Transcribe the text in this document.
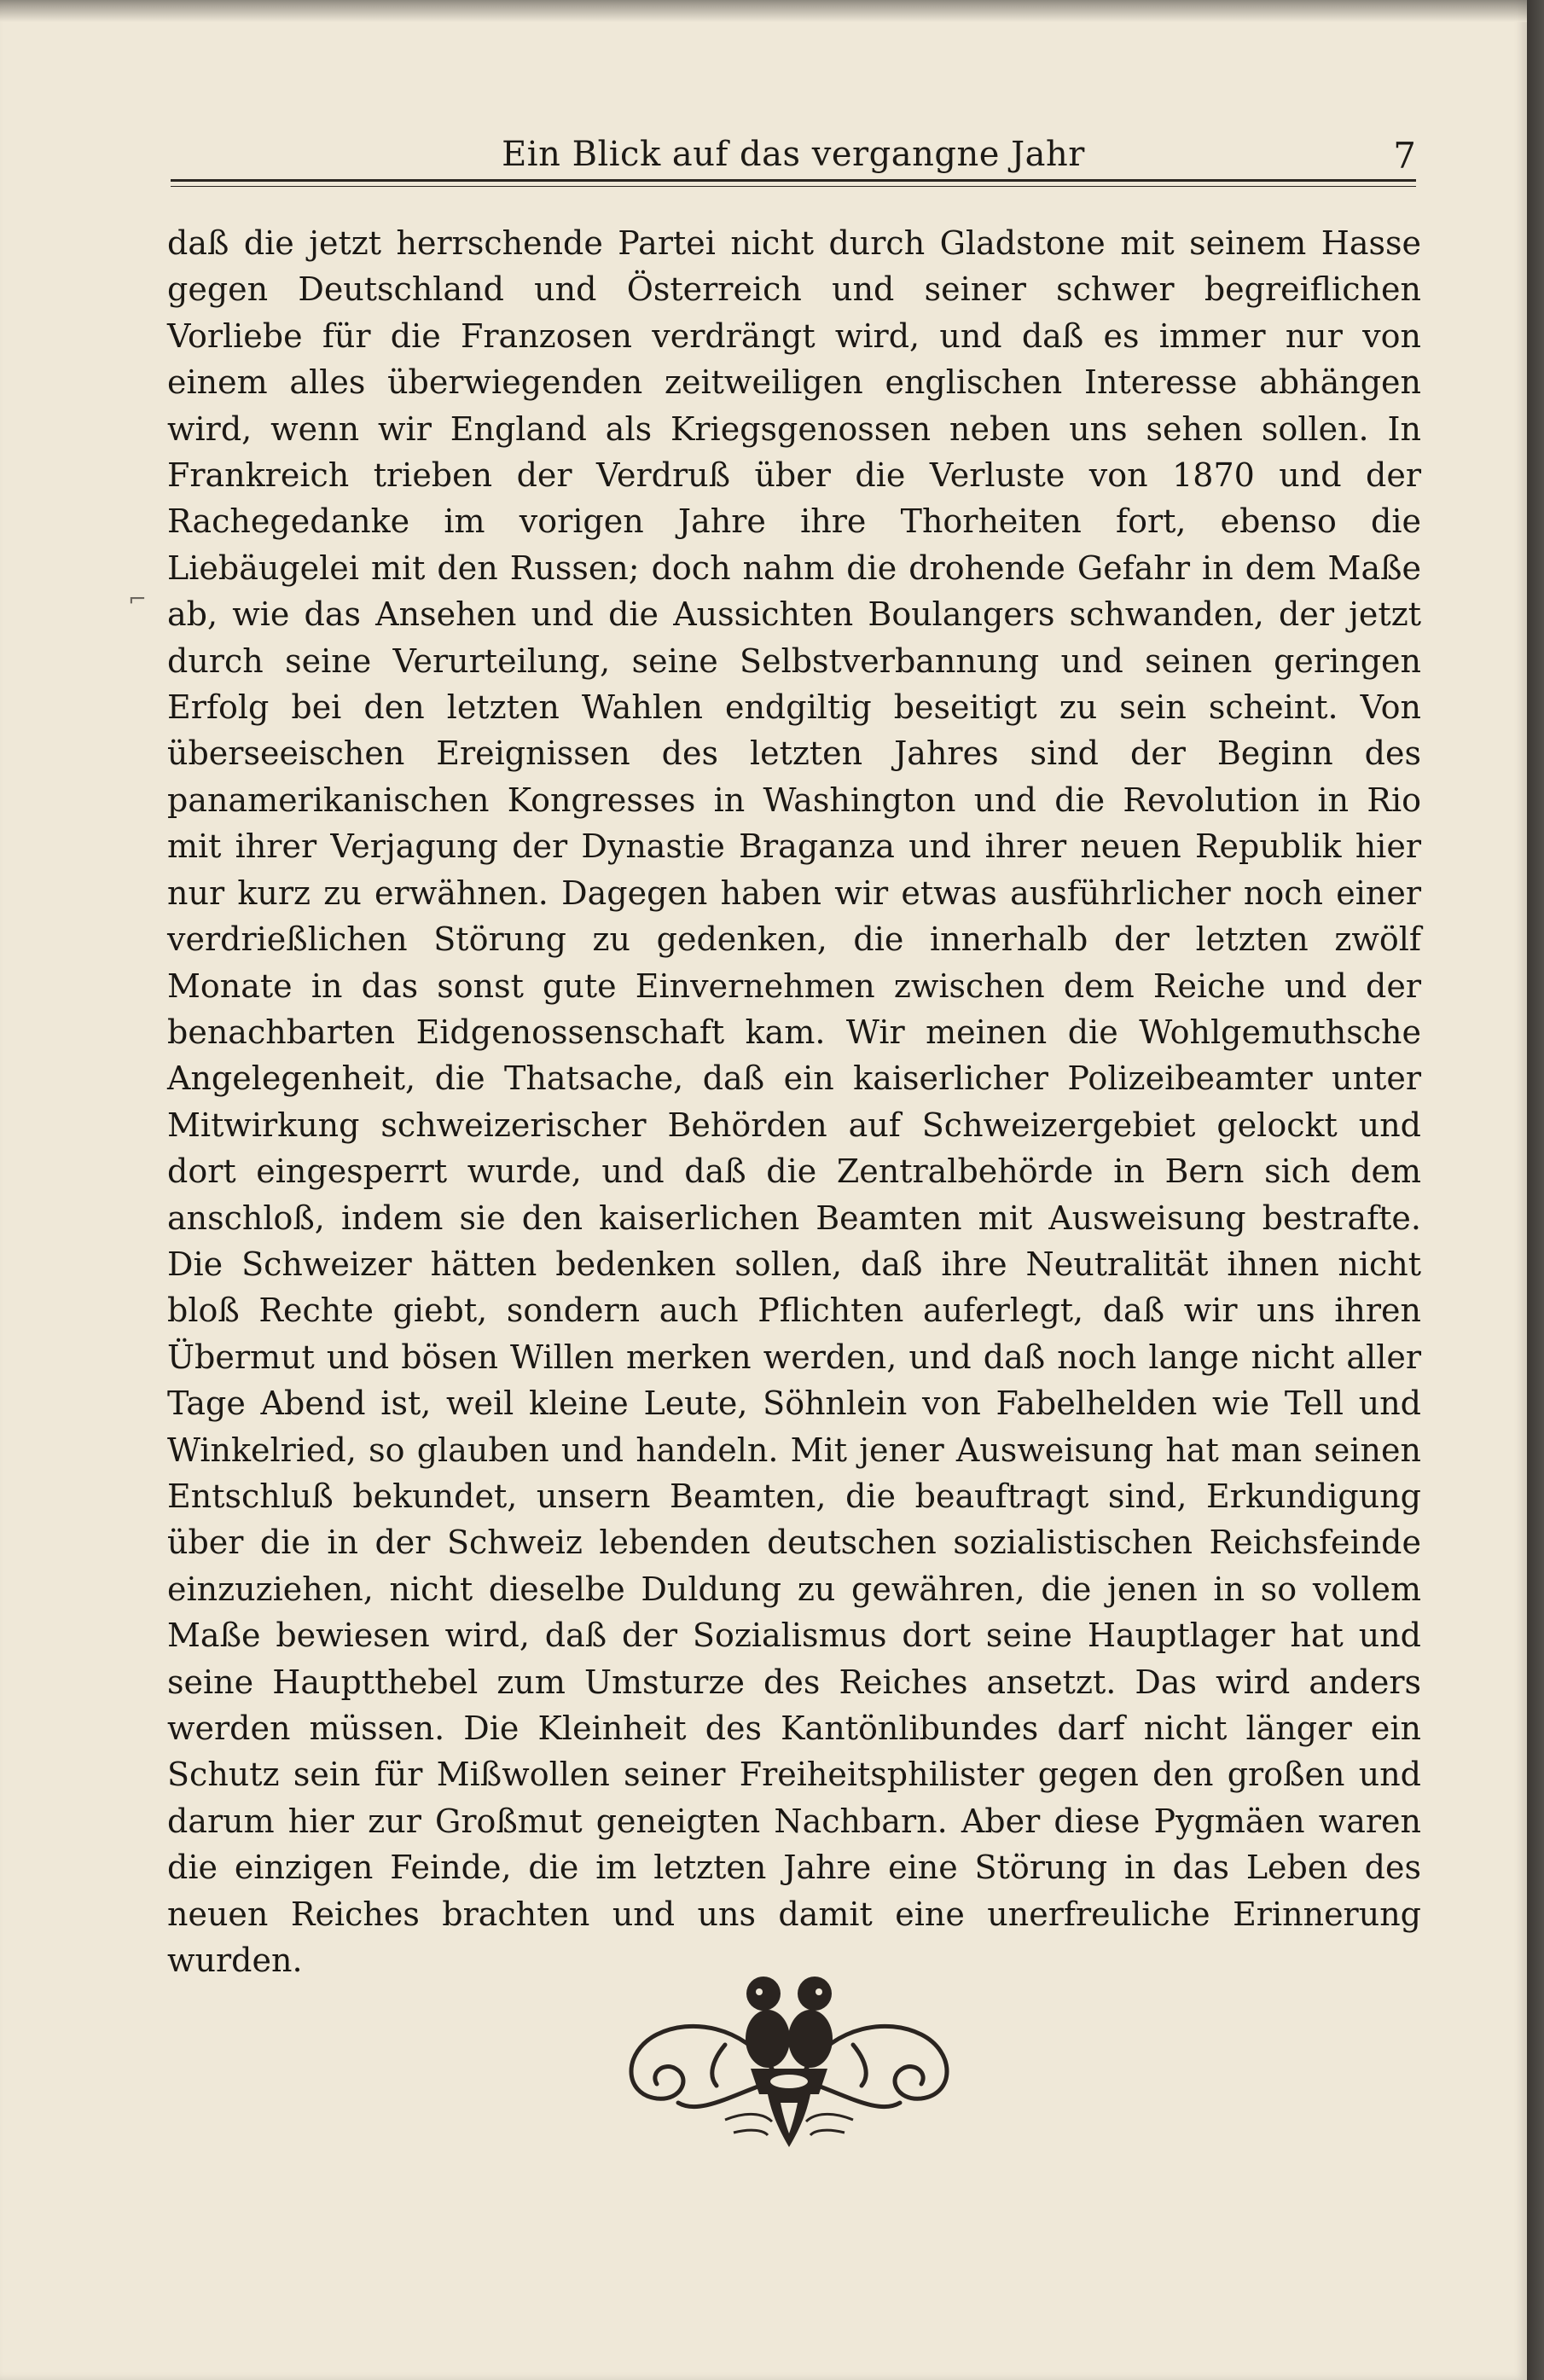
Ein Blick auf das vergangne Jahr	7
⌐

daß die jetzt herrschende Partei nicht durch Gladstone mit seinem Hasse gegen Deutschland und Österreich und seiner schwer begreiflichen Vorliebe für die Franzosen verdrängt wird, und daß es immer nur von einem alles überwiegenden zeitweiligen englischen Interesse abhängen wird, wenn wir England als Kriegsgenossen neben uns sehen sollen. In Frankreich trieben der Verdruß über die Verluste von 1870 und der Rachegedanke im vorigen Jahre ihre Thorheiten fort, ebenso die Liebäugelei mit den Russen; doch nahm die drohende Gefahr in dem Maße ab, wie das Ansehen und die Aussichten Boulangers schwanden, der jetzt durch seine Verurteilung, seine Selbstverbannung und seinen geringen Erfolg bei den letzten Wahlen endgiltig beseitigt zu sein scheint. Von überseeischen Ereignissen des letzten Jahres sind der Beginn des panamerikanischen Kongresses in Washington und die Revolution in Rio mit ihrer Verjagung der Dynastie Braganza und ihrer neuen Republik hier nur kurz zu erwähnen. Dagegen haben wir etwas ausführlicher noch einer verdrießlichen Störung zu gedenken, die innerhalb der letzten zwölf Monate in das sonst gute Einvernehmen zwischen dem Reiche und der benachbarten Eidgenossenschaft kam. Wir meinen die Wohlgemuthsche Angelegenheit, die Thatsache, daß ein kaiserlicher Polizeibeamter unter Mitwirkung schweizerischer Behörden auf Schweizergebiet gelockt und dort eingesperrt wurde, und daß die Zentralbehörde in Bern sich dem anschloß, indem sie den kaiserlichen Beamten mit Ausweisung bestrafte. Die Schweizer hätten bedenken sollen, daß ihre Neutralität ihnen nicht bloß Rechte giebt, sondern auch Pflichten auferlegt, daß wir uns ihren Übermut und bösen Willen merken werden, und daß noch lange nicht aller Tage Abend ist, weil kleine Leute, Söhnlein von Fabelhelden wie Tell und Winkelried, so glauben und handeln. Mit jener Ausweisung hat man seinen Entschluß bekundet, unsern Beamten, die beauftragt sind, Erkundigung über die in der Schweiz lebenden deutschen sozialistischen Reichsfeinde einzuziehen, nicht dieselbe Duldung zu gewähren, die jenen in so vollem Maße bewiesen wird, daß der Sozialismus dort seine Hauptlager hat und seine Hauptthebel zum Umsturze des Reiches ansetzt. Das wird anders werden müssen. Die Kleinheit des Kantönlibundes darf nicht länger ein Schutz sein für Mißwollen seiner Freiheitsphilister gegen den großen und darum hier zur Großmut geneigten Nachbarn. Aber diese Pygmäen waren die einzigen Feinde, die im letzten Jahre eine Störung in das Leben des neuen Reiches brachten und uns damit eine unerfreuliche Erinnerung wurden.
